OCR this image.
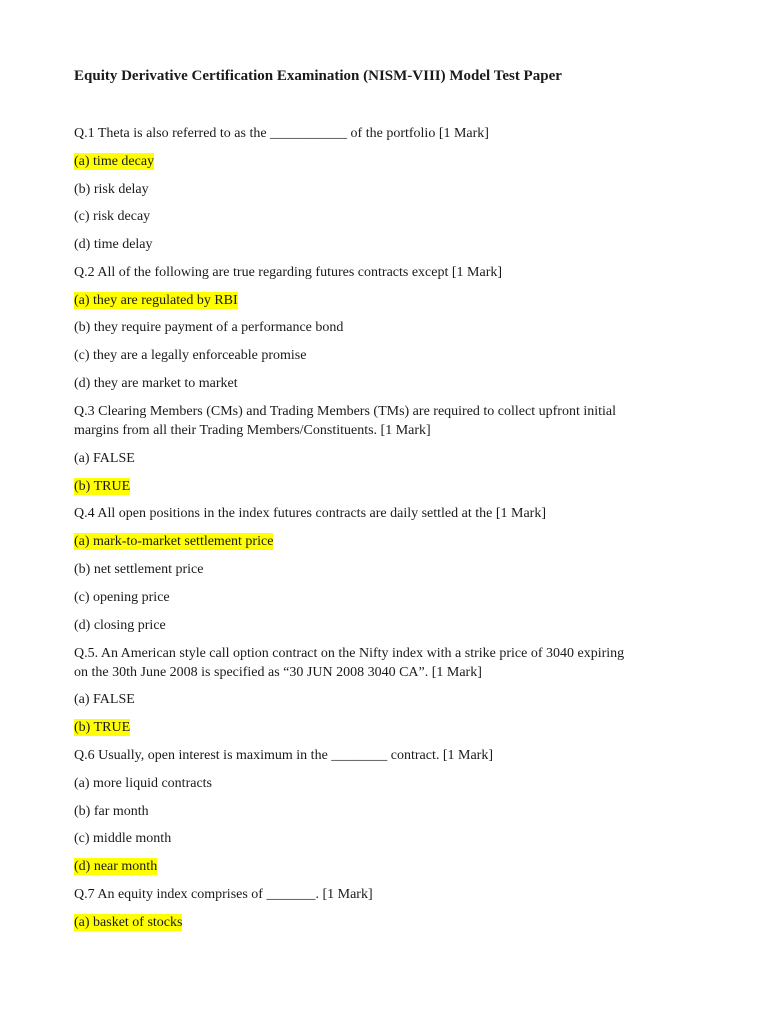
Equity Derivative Certification Examination (NISM-VIII) Model Test Paper
Q.1 Theta is also referred to as the ___________ of the portfolio [1 Mark]
(a) time decay
(b) risk delay
(c) risk decay
(d) time delay
Q.2 All of the following are true regarding futures contracts except [1 Mark]
(a) they are regulated by RBI
(b) they require payment of a performance bond
(c) they are a legally enforceable promise
(d) they are market to market
Q.3 Clearing Members (CMs) and Trading Members (TMs) are required to collect upfront initial
margins from all their Trading Members/Constituents. [1 Mark]
(a) FALSE
(b) TRUE
Q.4 All open positions in the index futures contracts are daily settled at the [1 Mark]
(a) mark-to-market settlement price
(b) net settlement price
(c) opening price
(d) closing price
Q.5. An American style call option contract on the Nifty index with a strike price of 3040 expiring
on the 30th June 2008 is specified as “30 JUN 2008 3040 CA”. [1 Mark]
(a) FALSE
(b) TRUE
Q.6 Usually, open interest is maximum in the ________ contract. [1 Mark]
(a) more liquid contracts
(b) far month
(c) middle month
(d) near month
Q.7 An equity index comprises of _______. [1 Mark]
(a) basket of stocks
